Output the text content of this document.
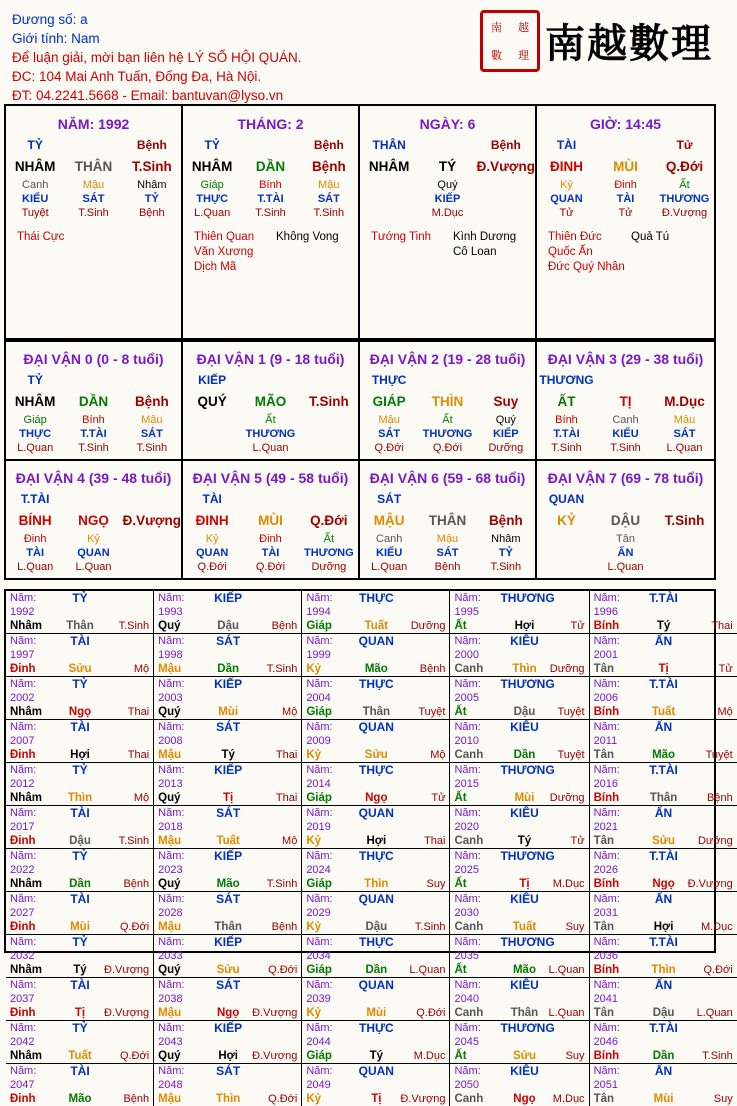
Đương số: a
Giới tính: Nam
Để luận giải, mời bạn liên hệ LÝ SỐ HỘI QUÁN.
ĐC: 104 Mai Anh Tuấn, Đống Đa, Hà Nội.
ĐT: 04.2241.5668 - Email: bantuvan@lyso.vn
南 越
數 理 南越數理
NĂM: 1992
TỶ	Bệnh
NHÂM	THÂN	T.Sinh
Canh
KIẾU
Tuyệt
Mậu
SÁT
T.Sinh
Nhâm
TỶ
Bệnh
Thái Cực
THÁNG: 2
TỶ	Bệnh
NHÂM	DẦN	Bệnh
Giáp
THỰC
L.Quan
Bính
T.TÀI
T.Sinh
Mậu
SÁT
T.Sinh
Thiên Quan
Văn Xương
Dịch Mã
Không Vong
NGÀY: 6
THÂN	Bệnh
NHÂM	TÝ	Đ.Vượng
Quý
KIẾP
M.Dục
Tướng Tinh	Kình Dương
Cô Loan
GIỜ: 14:45
TÀI	Tử
ĐINH	MÙI	Q.Đới
Kỷ
QUAN
Tử
Đinh
TÀI
Tử
Ất
THƯƠNG
Đ.Vượng
Thiên Đức
Quốc Ấn
Đức Quý Nhân
Quả Tú
ĐẠI VẬN 0 (0 - 8 tuổi)
TỶ
NHÂM	DẦN	Bệnh
Giáp
THỰC
L.Quan
Bính
T.TÀI
T.Sinh
Mậu
SÁT
T.Sinh
ĐẠI VẬN 1 (9 - 18 tuổi)
KIẾP
QUÝ	MÃO	T.Sinh
Ất
THƯƠNG
L.Quan
ĐẠI VẬN 2 (19 - 28 tuổi)
THỰC
GIÁP	THÌN	Suy
Mậu
SÁT
Q.Đới
Ất
THƯƠNG
Q.Đới
Quý
KIẾP
Dưỡng
ĐẠI VẬN 3 (29 - 38 tuổi)
THƯƠNG
ẤT	TỊ	M.Dục
Bính
T.TÀI
T.Sinh
Canh
KIẾU
T.Sinh
Mậu
SÁT
L.Quan
ĐẠI VẬN 4 (39 - 48 tuổi)
T.TÀI
BÍNH	NGỌ	Đ.Vượng
Đinh
TÀI
L.Quan
Kỷ
QUAN
L.Quan
ĐẠI VẬN 5 (49 - 58 tuổi)
TÀI
ĐINH	MÙI	Q.Đới
Kỷ
QUAN
Q.Đới
Đinh
TÀI
Q.Đới
Ất
THƯƠNG
Dưỡng
ĐẠI VẬN 6 (59 - 68 tuổi)
SÁT
MẬU	THÂN	Bệnh
Canh
KIẾU
L.Quan
Mậu
SÁT
Bệnh
Nhâm
TỶ
T.Sinh
ĐẠI VẬN 7 (69 - 78 tuổi)
QUAN
KỶ	DẬU	T.Sinh
Tân
ẤN
L.Quan
Năm: 1992
TỶ
Nhâm	Thân	T.Sinh
Năm: 1993
KIẾP
Quý	Dậu	Bệnh
Năm: 1994
THỰC
Giáp	Tuất	Dưỡng
Năm: 1995
THƯƠNG
Ất	Hợi	Tử
Năm: 1996
T.TÀI
Bính	Tý	Thai
Năm: 1997
TÀI
Đinh	Sửu	Mộ
Năm: 1998
SÁT
Mậu	Dần	T.Sinh
Năm: 1999
QUAN
Kỷ	Mão	Bệnh
Năm: 2000
KIÊU
Canh	Thìn	Dưỡng
Năm: 2001
ẤN
Tân	Tị	Tử
Năm: 2002
TỶ
Nhâm	Ngọ	Thai
Năm: 2003
KIẾP
Quý	Mùi	Mộ
Năm: 2004
THỰC
Giáp	Thân	Tuyệt
Năm: 2005
THƯƠNG
Ất	Dậu	Tuyệt
Năm: 2006
T.TÀI
Bính	Tuất	Mộ
Năm: 2007
TÀI
Đinh	Hợi	Thai
Năm: 2008
SÁT
Mậu	Tý	Thai
Năm: 2009
QUAN
Kỷ	Sửu	Mộ
Năm: 2010
KIÊU
Canh	Dần	Tuyệt
Năm: 2011
ẤN
Tân	Mão	Tuyệt
Năm: 2012
TỶ
Nhâm	Thìn	Mộ
Năm: 2013
KIẾP
Quý	Tị	Thai
Năm: 2014
THỰC
Giáp	Ngọ	Tử
Năm: 2015
THƯƠNG
Ất	Mùi	Dưỡng
Năm: 2016
T.TÀI
Bính	Thân	Bệnh
Năm: 2017
TÀI
Đinh	Dậu	T.Sinh
Năm: 2018
SÁT
Mậu	Tuất	Mộ
Năm: 2019
QUAN
Kỷ	Hợi	Thai
Năm: 2020
KIÊU
Canh	Tý	Tử
Năm: 2021
ẤN
Tân	Sửu	Dưỡng
Năm: 2022
TỶ
Nhâm	Dần	Bệnh
Năm: 2023
KIẾP
Quý	Mão	T.Sinh
Năm: 2024
THỰC
Giáp	Thìn	Suy
Năm: 2025
THƯƠNG
Ất	Tị	M.Dục
Năm: 2026
T.TÀI
Bính	Ngọ	Đ.Vượng
Năm: 2027
TÀI
Đinh	Mùi	Q.Đới
Năm: 2028
SÁT
Mậu	Thân	Bệnh
Năm: 2029
QUAN
Kỷ	Dậu	T.Sinh
Năm: 2030
KIÊU
Canh	Tuất	Suy
Năm: 2031
ẤN
Tân	Hợi	M.Dục
Năm: 2032
TỶ
Nhâm	Tý	Đ.Vượng
Năm: 2033
KIẾP
Quý	Sửu	Q.Đới
Năm: 2034
THỰC
Giáp	Dần	L.Quan
Năm: 2035
THƯƠNG
Ất	Mão	L.Quan
Năm: 2036
T.TÀI
Bính	Thìn	Q.Đới
Năm: 2037
TÀI
Đinh	Tị	Đ.Vượng
Năm: 2038
SÁT
Mậu	Ngọ	Đ.Vượng
Năm: 2039
QUAN
Kỷ	Mùi	Q.Đới
Năm: 2040
KIÊU
Canh	Thân L.Quan
Năm: 2041
ẤN
Tân	Dậu	L.Quan
Năm: 2042
TỶ
Nhâm	Tuất	Q.Đới
Năm: 2043
KIẾP
Quý	Hợi	Đ.Vượng
Năm: 2044
THỰC
Giáp	Tý	M.Dục
Năm: 2045
THƯƠNG
Ất	Sửu	Suy
Năm: 2046
T.TÀI
Bính	Dần	T.Sinh
Năm: 2047
TÀI
Đinh	Mão	Bệnh
Năm: 2048
SÁT
Mậu	Thìn	Q.Đới
Năm: 2049
QUAN
Kỷ	Tị	Đ.Vượng
Năm: 2050
KIÊU
Canh	Ngọ	M.Dục
Năm: 2051
ẤN
Tân	Mùi	Suy
